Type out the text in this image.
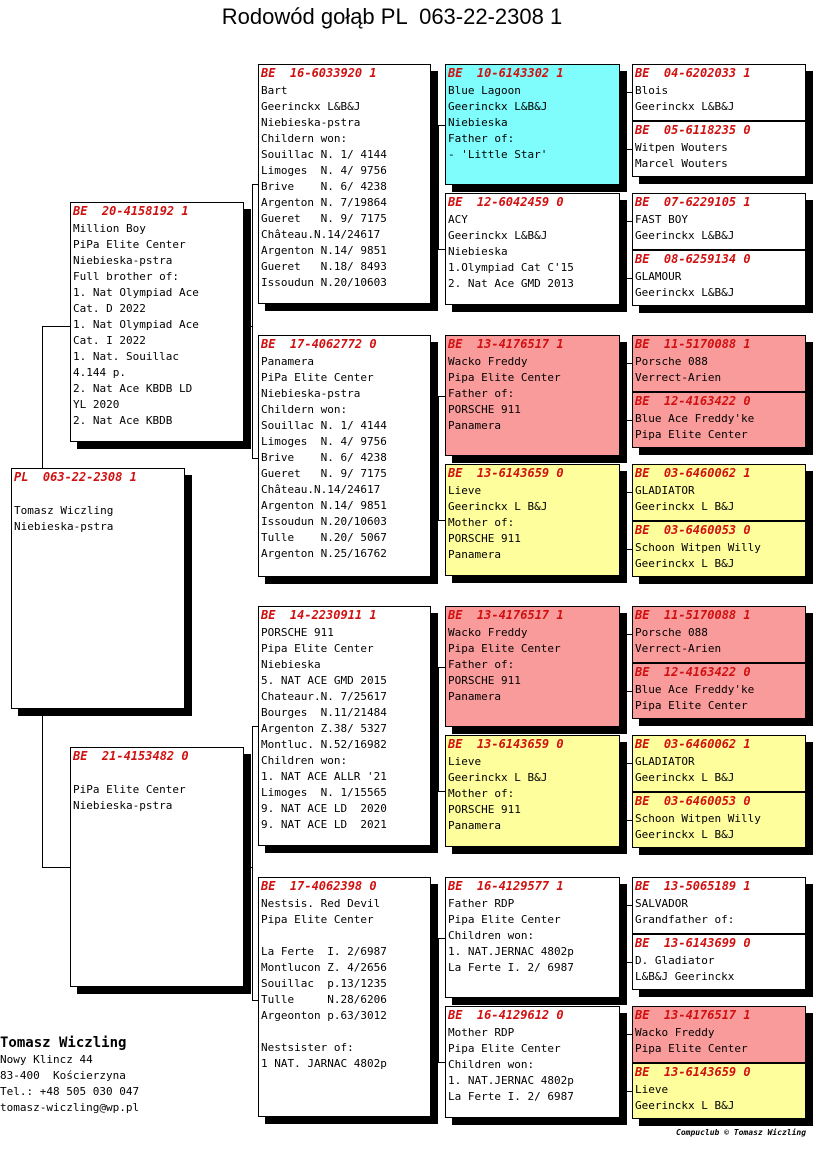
Rodowód gołąb PL  063-22-2308 1
PL  063-22-2308 1
Tomasz Wiczling
Niebieska-pstra
BE  20-4158192 1
Million Boy
PiPa Elite Center
Niebieska-pstra
Full brother of:
1. Nat Olympiad Ace
Cat. D 2022
1. Nat Olympiad Ace
Cat. I 2022
1. Nat. Souillac
4.144 p.
2. Nat Ace KBDB LD
YL 2020
2. Nat Ace KBDB
BE  21-4153482 0
PiPa Elite Center
Niebieska-pstra
BE  16-6033920 1
Bart
Geerinckx L&B&J
Niebieska-pstra
Childern won:
Souillac N. 1/ 4144
Limoges  N. 4/ 9756
Brive    N. 6/ 4238
Argenton N. 7/19864
Gueret   N. 9/ 7175
Château.N.14/24617
Argenton N.14/ 9851
Gueret   N.18/ 8493
Issoudun N.20/10603
BE  17-4062772 0
Panamera
PiPa Elite Center
Niebieska-pstra
Childern won:
Souillac N. 1/ 4144
Limoges  N. 4/ 9756
Brive    N. 6/ 4238
Gueret   N. 9/ 7175
Château.N.14/24617
Argenton N.14/ 9851
Issoudun N.20/10603
Tulle    N.20/ 5067
Argenton N.25/16762
BE  14-2230911 1
PORSCHE 911
Pipa Elite Center
Niebieska
5. NAT ACE GMD 2015
Chateaur.N. 7/25617
Bourges  N.11/21484
Argenton Z.38/ 5327
Montluc. N.52/16982
Children won:
1. NAT ACE ALLR '21
Limoges  N. 1/15565
9. NAT ACE LD  2020
9. NAT ACE LD  2021
BE  17-4062398 0
Nestsis. Red Devil
Pipa Elite Center
La Ferte  I. 2/6987
Montlucon Z. 4/2656
Souillac  p.13/1235
Tulle     N.28/6206
Argeonton p.63/3012
Nestsister of:
1 NAT. JARNAC 4802p
BE  10-6143302 1
Blue Lagoon
Geerinckx L&B&J
Niebieska
Father of:
- 'Little Star'
BE  12-6042459 0
ACY
Geerinckx L&B&J
Niebieska
1.Olympiad Cat C'15
2. Nat Ace GMD 2013
BE  13-4176517 1
Wacko Freddy
Pipa Elite Center
Father of:
PORSCHE 911
Panamera
BE  13-6143659 0
Lieve
Geerinckx L B&J
Mother of:
PORSCHE 911
Panamera
BE  13-4176517 1
Wacko Freddy
Pipa Elite Center
Father of:
PORSCHE 911
Panamera
BE  13-6143659 0
Lieve
Geerinckx L B&J
Mother of:
PORSCHE 911
Panamera
BE  16-4129577 1
Father RDP
Pipa Elite Center
Children won:
1. NAT.JERNAC 4802p
La Ferte I. 2/ 6987
BE  16-4129612 0
Mother RDP
Pipa Elite Center
Children won:
1. NAT.JERNAC 4802p
La Ferte I. 2/ 6987
BE  04-6202033 1
Blois
Geerinckx L&B&J
BE  05-6118235 0
Witpen Wouters
Marcel Wouters
BE  07-6229105 1
FAST BOY
Geerinckx L&B&J
BE  08-6259134 0
GLAMOUR
Geerinckx L&B&J
BE  11-5170088 1
Porsche 088
Verrect-Arien
BE  12-4163422 0
Blue Ace Freddy'ke
Pipa Elite Center
BE  03-6460062 1
GLADIATOR
Geerinckx L B&J
BE  03-6460053 0
Schoon Witpen Willy
Geerinckx L B&J
BE  11-5170088 1
Porsche 088
Verrect-Arien
BE  12-4163422 0
Blue Ace Freddy'ke
Pipa Elite Center
BE  03-6460062 1
GLADIATOR
Geerinckx L B&J
BE  03-6460053 0
Schoon Witpen Willy
Geerinckx L B&J
BE  13-5065189 1
SALVADOR
Grandfather of:
BE  13-6143699 0
D. Gladiator
L&B&J Geerinckx
BE  13-4176517 1
Wacko Freddy
Pipa Elite Center
BE  13-6143659 0
Lieve
Geerinckx L B&J
Tomasz Wiczling
Nowy Klincz 44
83-400  Kościerzyna
Tel.: +48 505 030 047
tomasz-wiczling@wp.pl
Compuclub © Tomasz Wiczling
